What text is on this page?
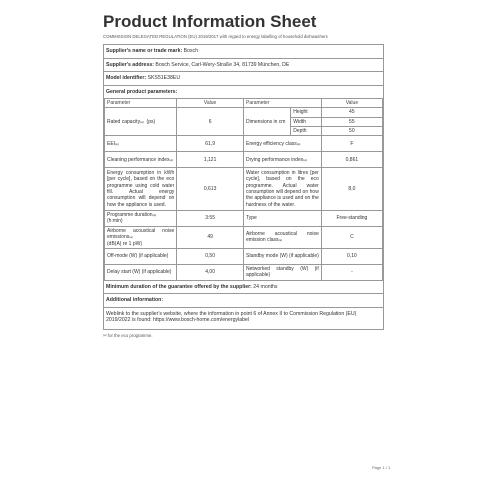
Product Information Sheet
COMMISSION DELEGATED REGULATION (EU) 2019/2017 with regard to energy labelling of household dishwashers
Supplier's name or trade mark: Bosch
Supplier's address: Bosch Service, Carl-Wery-Straße 34, 81739 München, DE
Model identifier: SKS51E38EU
General product parameters:
Parameter	Value	Parameter	Value
Rated capacity$^{(a)}$ (ps)	6	Dimensions in cm	
Height	45
Width	55
Depth	50

EEI$^{(a)}$	61,9	Energy efficiency class$^{(a)}$	F
Cleaning performance index$^{(a)}$	1,121	Drying performance index$^{(a)}$	0,861
Energy consumption in kWh [per cycle], based on the eco programme using cold water fill. Actual energy consumption will depend on how the appliance is used.	0,613	Water consumption in litres [per cycle], based on the eco programme. Actual water consumption will depend on how the appliance is used and on the hardness of the water.	8,0
Programme duration$^{(a)}$
(h:min)	3:55	Type	Free-standing
Airborne acoustical noise emissions$^{(a)}$
(dB(A) re 1 pW)	49	Airborne acoustical noise emission class$^{(a)}$	C
Off-mode (W) (if applicable)	0,50	Standby mode (W) (if applicable)	0,10
Delay start (W) (if applicable)	4,00	Networked standby (W) (if applicable)	-
Minimum duration of the guarantee offered by the supplier: 24 months
Additional information:
Weblink to the supplier's website, where the information in point 6 of Annex II to Commission Regulation (EU) 2019/2022 is found: https://www.bosch-home.com/energylabel
$^{(a)}$ for the eco programme.
Page 1 / 1
